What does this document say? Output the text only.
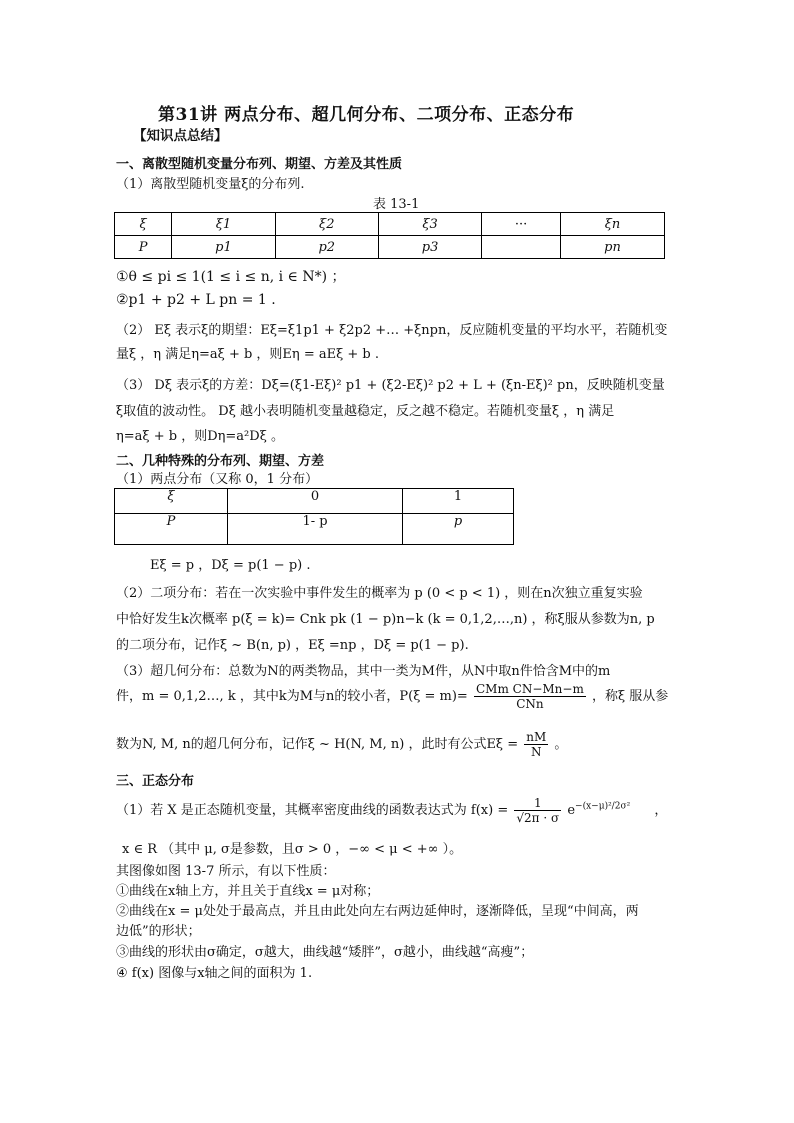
第31讲 两点分布、超几何分布、二项分布、正态分布
【知识点总结】
一、离散型随机变量分布列、期望、方差及其性质
（1）离散型随机变量ξ的分布列.
表 13-1
ξ	ξ1	ξ2	ξ3	···	ξn
P	p1	p2	p3		pn
①θ ≤ pi ≤ 1(1 ≤ i ≤ n, i ∈ N*) ；
②p1 + p2 + L pn = 1 .
（2） Eξ 表示ξ的期望：Eξ=ξ1p1 + ξ2p2 +… +ξnpn，反应随机变量的平均水平，若随机变
量ξ ，η 满足η=aξ + b ，则Eη = aEξ + b .
（3） Dξ 表示ξ的方差：Dξ=(ξ1-Eξ)² p1 + (ξ2-Eξ)² p2 + L + (ξn-Eξ)² pn，反映随机变量
ξ取值的波动性。 Dξ 越小表明随机变量越稳定，反之越不稳定。若随机变量ξ ，η 满足
η=aξ + b ，则Dη=a²Dξ 。
二、几种特殊的分布列、期望、方差
（1）两点分布（又称 0，1 分布）
ξ	0	1
P	1- p	p
Eξ = p ，Dξ = p(1 − p) .
（2）二项分布：若在一次实验中事件发生的概率为 p (0 < p < 1) ，则在n次独立重复实验
中恰好发生k次概率 p(ξ = k)= Cnk pk (1 − p)n−k (k = 0,1,2,…,n) ，称ξ服从参数为n, p
的二项分布，记作ξ ~ B(n, p) ，Eξ =np ，Dξ = p(1 − p).
（3）超几何分布：总数为N的两类物品，其中一类为M件，从N中取n件恰含M中的m
件，m = 0,1,2…, k ，其中k为M与n的较小者，$P(\xi = m)= \frac{\text{CMm CN−Mn−m}}{\text{CNn}}$ ，称ξ 服从参
数为N, M, n的超几何分布，记作ξ ~ H(N, M, n) ，此时有公式$E\xi = \frac{nM}{N}$ 。
三、正态分布
（1）若 X 是正态随机变量，其概率密度曲线的函数表达式为 $f(x) = \frac{1}{√2\pi \cdot \sigma} e^{-(x-\mu)^2/2\sigma^2}$ ，
x ∈ R （其中 μ, σ是参数，且σ > 0 ，−∞ < μ < +∞ ）。
其图像如图 13-7 所示，有以下性质：
①曲线在x轴上方，并且关于直线x = μ对称；
②曲线在x = μ处处于最高点，并且由此处向左右两边延伸时，逐渐降低，呈现“中间高，两
边低”的形状；
③曲线的形状由σ确定，σ越大，曲线越“矮胖”，σ越小，曲线越“高瘦”；
④ f(x) 图像与x轴之间的面积为 1.
